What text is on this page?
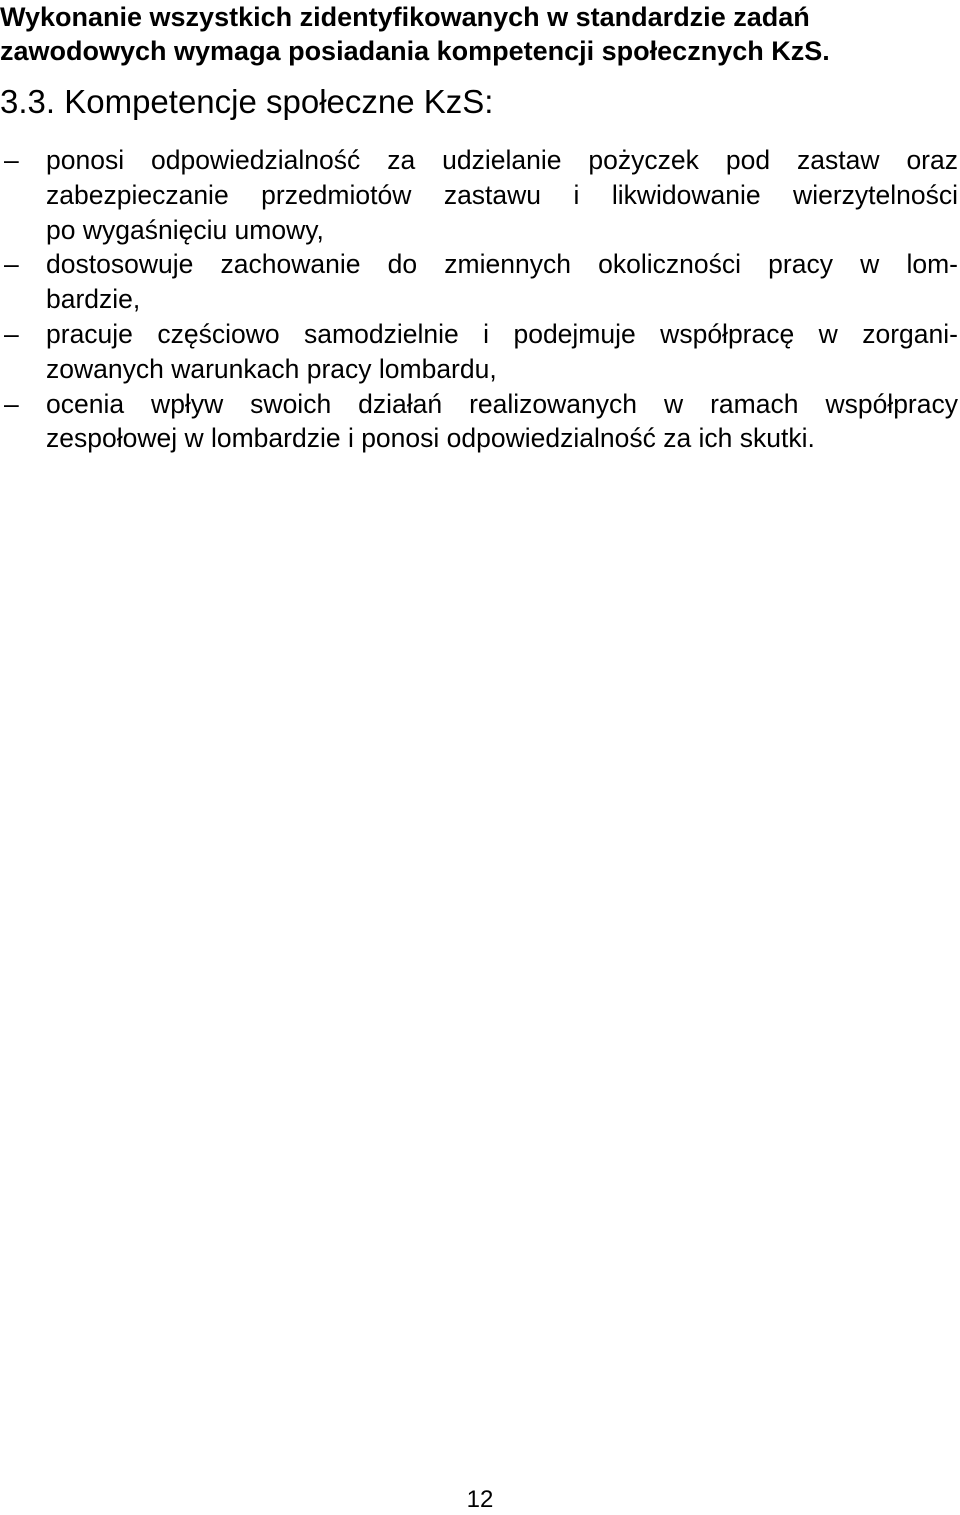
Wykonanie wszystkich zidentyfikowanych w standardzie zadań
zawodowych wymaga posiadania kompetencji społecznych KzS.
3.3. Kompetencje społeczne KzS:
– ponosi odpowiedzialność za udzielanie pożyczek pod zastaw oraz
zabezpieczanie przedmiotów zastawu i likwidowanie wierzytelności
po wygaśnięciu umowy,
– dostosowuje zachowanie do zmiennych okoliczności pracy w lom-
bardzie,
– pracuje częściowo samodzielnie i podejmuje współpracę w zorgani-
zowanych warunkach pracy lombardu,
– ocenia wpływ swoich działań realizowanych w ramach współpracy
zespołowej w lombardzie i ponosi odpowiedzialność za ich skutki.
12
